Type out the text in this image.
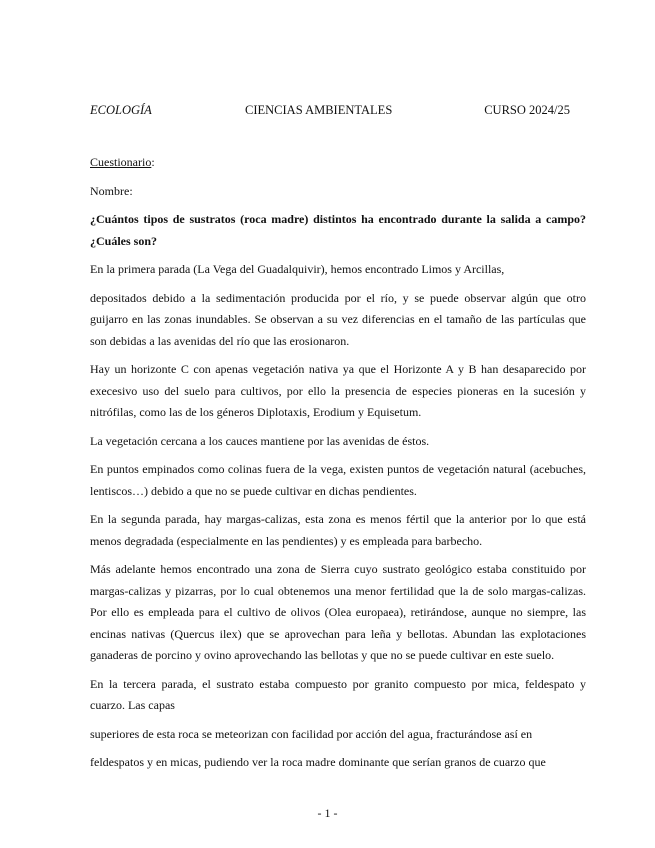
ECOLOGÍA	CIENCIAS AMBIENTALES	CURSO 2024/25

Cuestionario:

Nombre:

¿Cuántos tipos de sustratos (roca madre) distintos ha encontrado durante la salida a campo? ¿Cuáles son?

En la primera parada (La Vega del Guadalquivir), hemos encontrado Limos y Arcillas,

depositados debido a la sedimentación producida por el río, y se puede observar algún que otro guijarro en las zonas inundables. Se observan a su vez diferencias en el tamaño de las partículas que son debidas a las avenidas del río que las erosionaron.

Hay un horizonte C con apenas vegetación nativa ya que el Horizonte A y B han desaparecido por execesivo uso del suelo para cultivos, por ello la presencia de especies pioneras en la sucesión y nitrófilas, como las de los géneros Diplotaxis, Erodium y Equisetum.

La vegetación cercana a los cauces mantiene por las avenidas de éstos.

En puntos empinados como colinas fuera de la vega, existen puntos de vegetación natural (acebuches, lentiscos…) debido a que no se puede cultivar en dichas pendientes.

En la segunda parada, hay margas-calizas, esta zona es menos fértil que la anterior por lo que está menos degradada (especialmente en las pendientes) y es empleada para barbecho.

Más adelante hemos encontrado una zona de Sierra cuyo sustrato geológico estaba constituido por margas-calizas y pizarras, por lo cual obtenemos una menor fertilidad que la de solo margas-calizas. Por ello es empleada para el cultivo de olivos (Olea europaea), retirándose, aunque no siempre, las encinas nativas (Quercus ilex) que se aprovechan para leña y bellotas. Abundan las explotaciones ganaderas de porcino y ovino aprovechando las bellotas y que no se puede cultivar en este suelo.

En la tercera parada, el sustrato estaba compuesto por granito compuesto por mica, feldespato y cuarzo. Las capas

superiores de esta roca se meteorizan con facilidad por acción del agua, fracturándose así en

feldespatos y en micas, pudiendo ver la roca madre dominante que serían granos de cuarzo que

- 1 -
